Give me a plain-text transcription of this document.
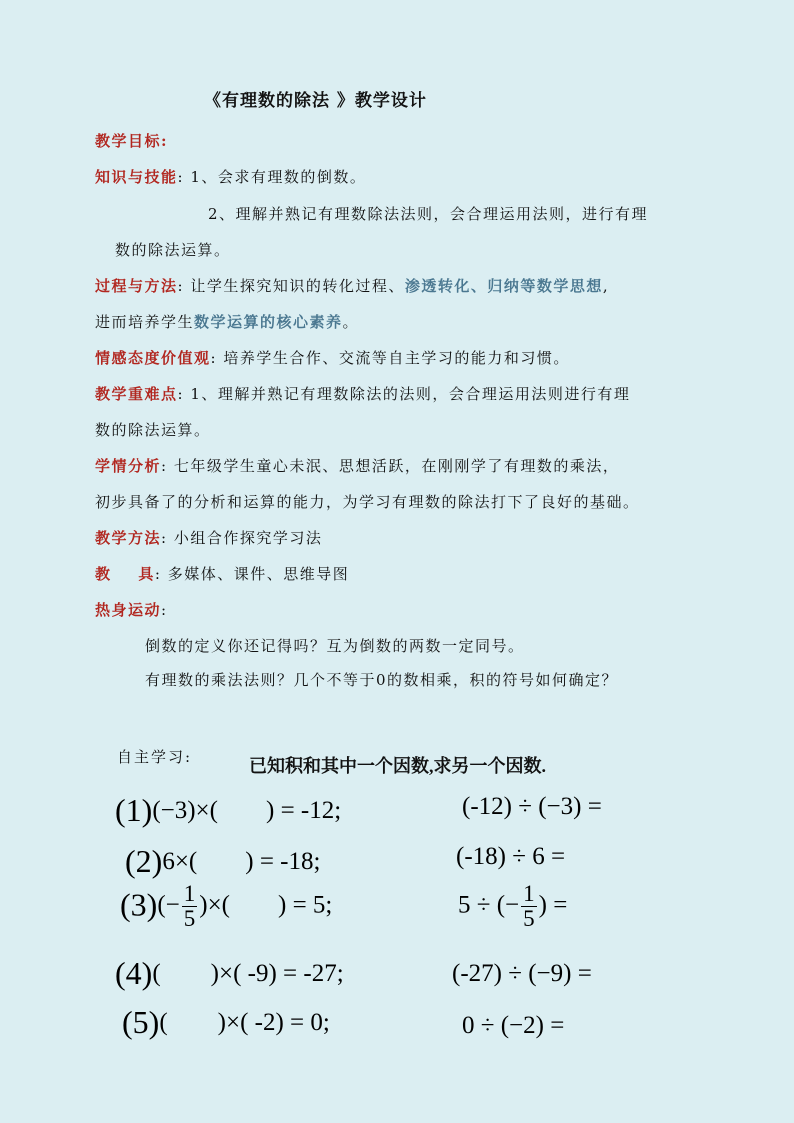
《有理数的除法 》教学设计
教学目标:
知识与技能: 1、会求有理数的倒数。
2、理解并熟记有理数除法法则，会合理运用法则，进行有理
数的除法运算。
过程与方法: 让学生探究知识的转化过程、渗透转化、归纳等数学思想,
进而培养学生数学运算的核心素养。
情感态度价值观: 培养学生合作、交流等自主学习的能力和习惯。
教学重难点: 1、理解并熟记有理数除法的法则，会合理运用法则进行有理
数的除法运算。
学情分析: 七年级学生童心未泯、思想活跃，在刚刚学了有理数的乘法，
初步具备了的分析和运算的能力，为学习有理数的除法打下了良好的基础。
教学方法: 小组合作探究学习法
教    具: 多媒体、课件、思维导图
热身运动:
倒数的定义你还记得吗？互为倒数的两数一定同号。
有理数的乘法法则？几个不等于0的数相乘，积的符号如何确定？
自主学习:	已知积和其中一个因数,求另一个因数.
(1)(−3)×( ) = -12;
(2)6×( ) = -18;
$(3)(- \frac{1}{5}$ )×( ) = 5;
(4)( )×( -9) = -27;
(5)( )×( -2) = 0;
(-12) ÷ (−3) =
(-18) ÷ 6 =
5 ÷ (− $\frac{1}{5}$ ) =
(-27) ÷ (−9) =
0 ÷ (−2) =
